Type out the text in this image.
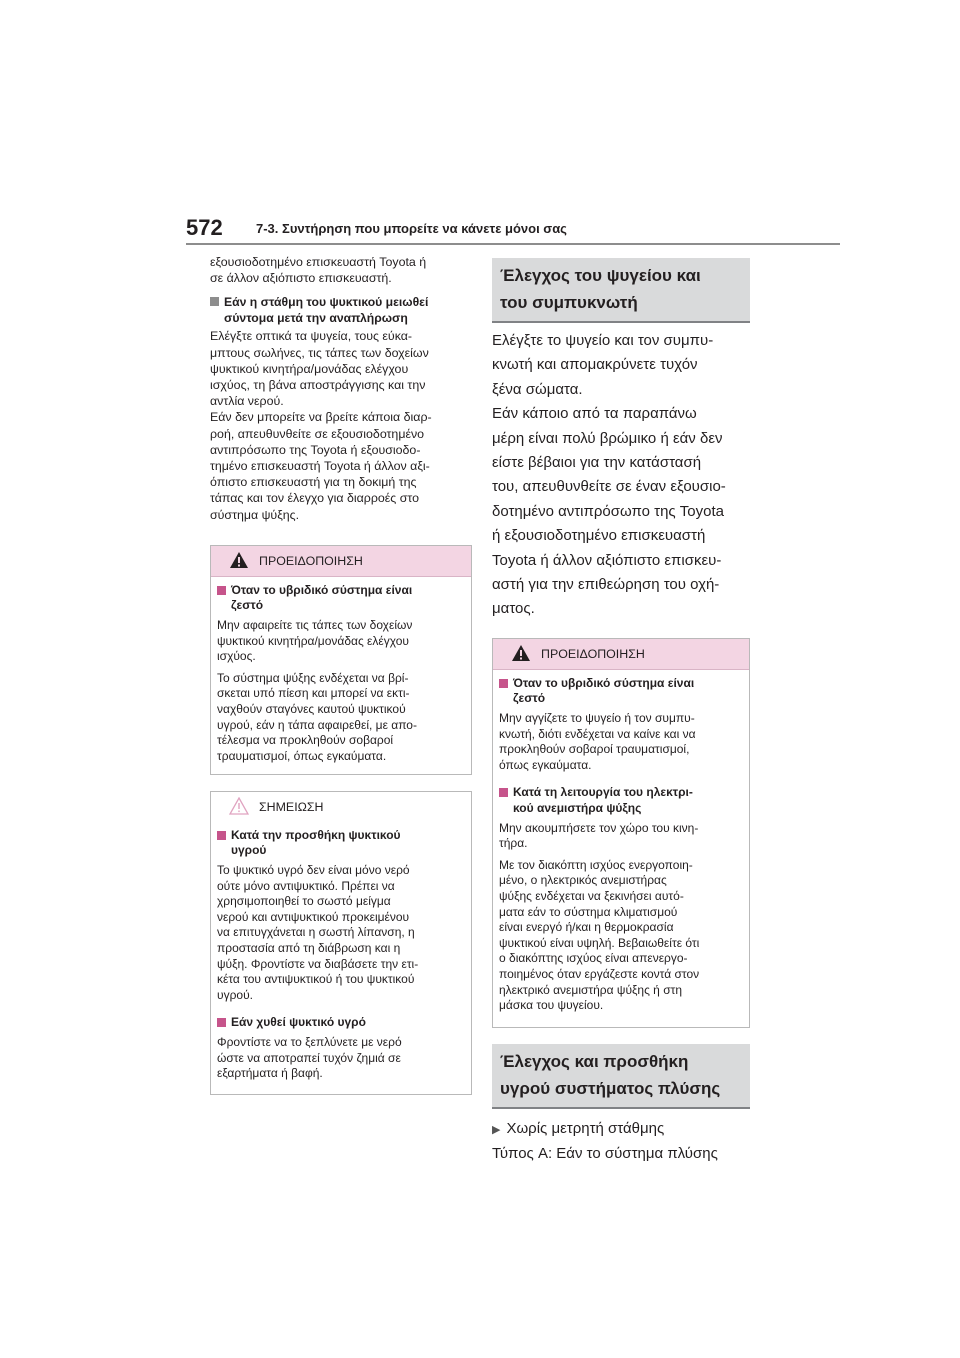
572	7-3. Συντήρηση που μπορείτε να κάνετε μόνοι σας

εξουσιοδοτημένο επισκευαστή Toyota ή

σε άλλον αξιόπιστο επισκευαστή.

Εάν η στάθμη του ψυκτικού μειωθεί
σύντομα μετά την αναπλήρωση

Ελέγξτε οπτικά τα ψυγεία, τους εύκα-

μπτους σωλήνες, τις τάπες των δοχείων

ψυκτικού κινητήρα/μονάδας ελέγχου

ισχύος, τη βάνα αποστράγγισης και την

αντλία νερού.

Εάν δεν μπορείτε να βρείτε κάποια διαρ-

ροή, απευθυνθείτε σε εξουσιοδοτημένο

αντιπρόσωπο της Toyota ή εξουσιοδο-

τημένο επισκευαστή Toyota ή άλλον αξι-

όπιστο επισκευαστή για τη δοκιμή της

τάπας και τον έλεγχο για διαρροές στο

σύστημα ψύξης.

ΠΡΟΕΙΔΟΠΟΙΗΣΗ
Όταν το υβριδικό σύστημα είναι
ζεστό

Μην αφαιρείτε τις τάπες των δοχείων

ψυκτικού κινητήρα/μονάδας ελέγχου

ισχύος.

Το σύστημα ψύξης ενδέχεται να βρί-

σκεται υπό πίεση και μπορεί να εκτι-

ναχθούν σταγόνες καυτού ψυκτικού

υγρού, εάν η τάπα αφαιρεθεί, με απο-

τέλεσμα να προκληθούν σοβαροί

τραυματισμοί, όπως εγκαύματα.

ΣΗΜΕΙΩΣΗ
Κατά την προσθήκη ψυκτικού
υγρού

Το ψυκτικό υγρό δεν είναι μόνο νερό

ούτε μόνο αντιψυκτικό. Πρέπει να

χρησιμοποιηθεί το σωστό μείγμα

νερού και αντιψυκτικού προκειμένου

να επιτυγχάνεται η σωστή λίπανση, η

προστασία από τη διάβρωση και η

ψύξη. Φροντίστε να διαβάσετε την ετι-

κέτα του αντιψυκτικού ή του ψυκτικού

υγρού.

Εάν χυθεί ψυκτικό υγρό

Φροντίστε να το ξεπλύνετε με νερό

ώστε να αποτραπεί τυχόν ζημιά σε

εξαρτήματα ή βαφή.

Έλεγχος του ψυγείου και
του συμπυκνωτή

Ελέγξτε το ψυγείο και τον συμπυ-

κνωτή και απομακρύνετε τυχόν

ξένα σώματα.

Εάν κάποιο από τα παραπάνω

μέρη είναι πολύ βρώμικο ή εάν δεν

είστε βέβαιοι για την κατάστασή

του, απευθυνθείτε σε έναν εξουσιο-

δοτημένο αντιπρόσωπο της Toyota

ή εξουσιοδοτημένο επισκευαστή

Toyota ή άλλον αξιόπιστο επισκευ-

αστή για την επιθεώρηση του οχή-

ματος.

ΠΡΟΕΙΔΟΠΟΙΗΣΗ
Όταν το υβριδικό σύστημα είναι
ζεστό

Μην αγγίζετε το ψυγείο ή τον συμπυ-

κνωτή, διότι ενδέχεται να καίνε και να

προκληθούν σοβαροί τραυματισμοί,

όπως εγκαύματα.

Κατά τη λειτουργία του ηλεκτρι-
κού ανεμιστήρα ψύξης

Μην ακουμπήσετε τον χώρο του κινη-

τήρα.

Με τον διακόπτη ισχύος ενεργοποιη-

μένο, ο ηλεκτρικός ανεμιστήρας

ψύξης ενδέχεται να ξεκινήσει αυτό-

ματα εάν το σύστημα κλιματισμού

είναι ενεργό ή/και η θερμοκρασία

ψυκτικού είναι υψηλή. Βεβαιωθείτε ότι

ο διακόπτης ισχύος είναι απενεργο-

ποιημένος όταν εργάζεστε κοντά στον

ηλεκτρικό ανεμιστήρα ψύξης ή στη

μάσκα του ψυγείου.

Έλεγχος και προσθήκη
υγρού συστήματος πλύσης

▶ Χωρίς μετρητή στάθμης

Τύπος A: Εάν το σύστημα πλύσης
